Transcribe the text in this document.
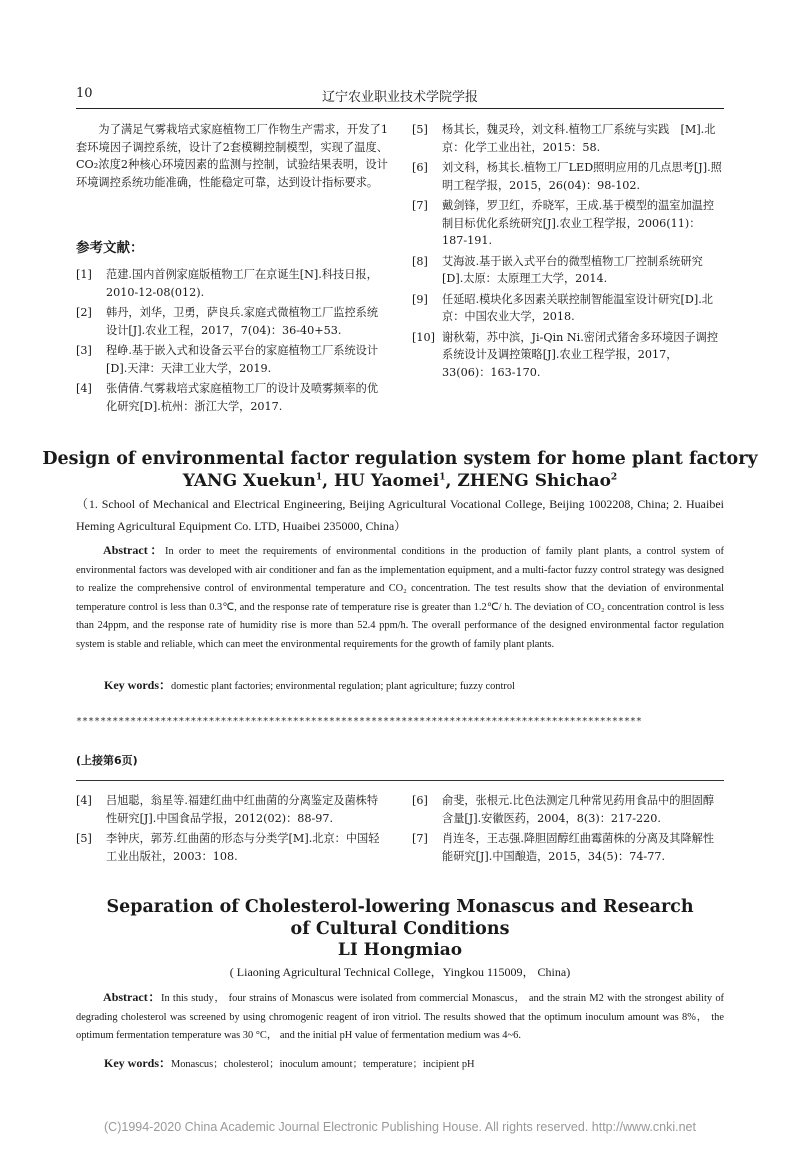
10	辽宁农业职业技术学院学报
为了满足气雾栽培式家庭植物工厂作物生产需求，开发了1套环境因子调控系统，设计了2套模糊控制模型，实现了温度、CO₂浓度2种核心环境因素的监测与控制，试验结果表明，设计环境调控系统功能准确，性能稳定可靠，达到设计指标要求。
参考文献：
[1]	范建.国内首例家庭版植物工厂在京诞生[N].科技日报，2010-12-08(012).
[2]	韩丹，刘华，卫勇，萨良兵.家庭式微植物工厂监控系统设计[J].农业工程，2017，7(04)：36-40+53.
[3]	程峥.基于嵌入式和设备云平台的家庭植物工厂系统设计[D].天津：天津工业大学，2019.
[4]	张倩倩.气雾栽培式家庭植物工厂的设计及喷雾频率的优化研究[D].杭州：浙江大学，2017.
[5]	杨其长，魏灵玲，刘文科.植物工厂系统与实践　[M].北京：化学工业出社，2015：58.
[6]	刘文科，杨其长.植物工厂LED照明应用的几点思考[J].照明工程学报，2015，26(04)：98-102.
[7]	戴剑锋，罗卫红，乔晓军，王成.基于模型的温室加温控制目标优化系统研究[J].农业工程学报，2006(11)：187-191.
[8]	艾海波.基于嵌入式平台的微型植物工厂控制系统研究[D].太原：太原理工大学，2014.
[9]	任延昭.模块化多因素关联控制智能温室设计研究[D].北京：中国农业大学，2018.
[10] 谢秋菊，苏中滨，Ji-Qin Ni.密闭式猪舍多环境因子调控系统设计及调控策略[J].农业工程学报，2017，33(06)：163-170.
Design of environmental factor regulation system for home plant factory
YANG Xuekun$^1$, HU Yaomei$^1$, ZHENG Shichao$^2$
（1. School of Mechanical and Electrical Engineering, Beijing Agricultural Vocational College, Beijing 1002208, China; 2. Huaibei Heming Agricultural Equipment Co. LTD, Huaibei 235000, China）
Abstract：In order to meet the requirements of environmental conditions in the production of family plant plants, a control system of environmental factors was developed with air conditioner and fan as the implementation equipment, and a multi-factor fuzzy control strategy was designed to realize the comprehensive control of environmental temperature and CO₂ concentration. The test results show that the deviation of environmental temperature control is less than 0.3℃, and the response rate of temperature rise is greater than 1.2℃/ h. The deviation of CO₂ concentration control is less than 24ppm, and the response rate of humidity rise is more than 52.4 ppm/h. The overall performance of the designed environmental factor regulation system is stable and reliable, which can meet the environmental requirements for the growth of family plant plants.
Key words：domestic plant factories; environmental regulation; plant agriculture; fuzzy control
**********************************************************************************************
(上接第6页)
[4]	吕旭聪，翁星等.福建红曲中红曲菌的分离鉴定及菌株特性研究[J].中国食品学报，2012(02)：88-97.
[5]	李钟庆，郭芳.红曲菌的形态与分类学[M].北京：中国轻工业出版社，2003：108.
[6]	俞斐，张根元.比色法测定几种常见药用食品中的胆固醇含量[J].安徽医药，2004，8(3)：217-220.
[7]	肖连冬，王志强.降胆固醇红曲霉菌株的分离及其降解性能研究[J].中国酿造，2015，34(5)：74-77.
Separation of Cholesterol-lowering Monascus and Research
of Cultural Conditions
LI Hongmiao
( Liaoning Agricultural Technical College，Yingkou 115009， China)
Abstract：In this study， four strains of Monascus were isolated from commercial Monascus， and the strain M2 with the strongest ability of degrading cholesterol was screened by using chromogenic reagent of iron vitriol. The results showed that the optimum inoculum amount was 8%， the optimum fermentation temperature was 30 °C， and the initial pH value of fermentation medium was 4~6.
Key words：Monascus；cholesterol；inoculum amount；temperature；incipient pH
(C)1994-2020 China Academic Journal Electronic Publishing House. All rights reserved. http://www.cnki.net
